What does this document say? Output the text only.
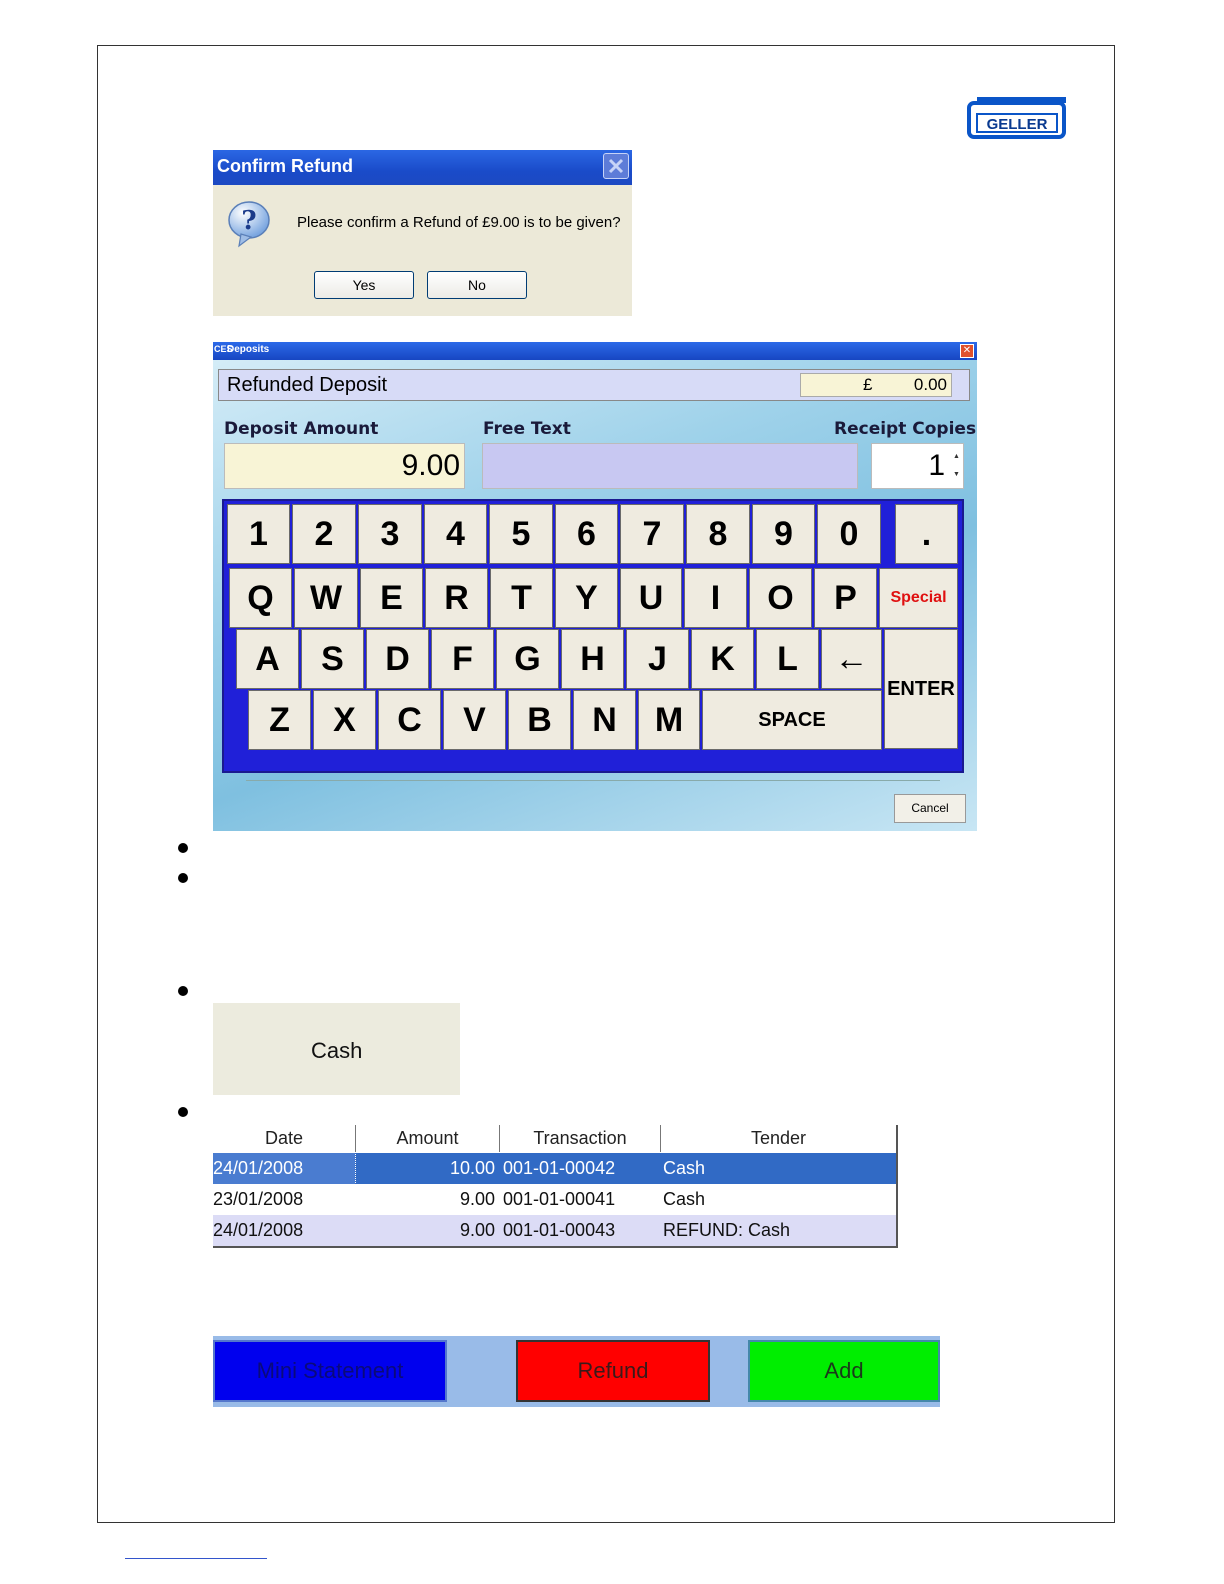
GELLER
Confirm Refund
?	Please confirm a Refund of £9.00 is to be given?
Yes	No
CES
Deposits	✕
Refunded Deposit	£ 0.00
Deposit Amount	Free Text	Receipt Copies
9.00	1 ▲
▼
1	2	3	4	5	6	7	8	9	0	.
Q	W	E	R	T	Y	U	I	O	P	Special
A	S	D	F	G	H	J	K	L	←
ENTER
Z	X	C	V	B	N	M	SPACE
Cancel
Cash
Date	Amount	Transaction	Tender
24/01/2008	10.00 001-01-00042	Cash
23/01/2008	9.00 001-01-00041	Cash
24/01/2008	9.00 001-01-00043	REFUND: Cash
Mini Statement	Refund	Add
